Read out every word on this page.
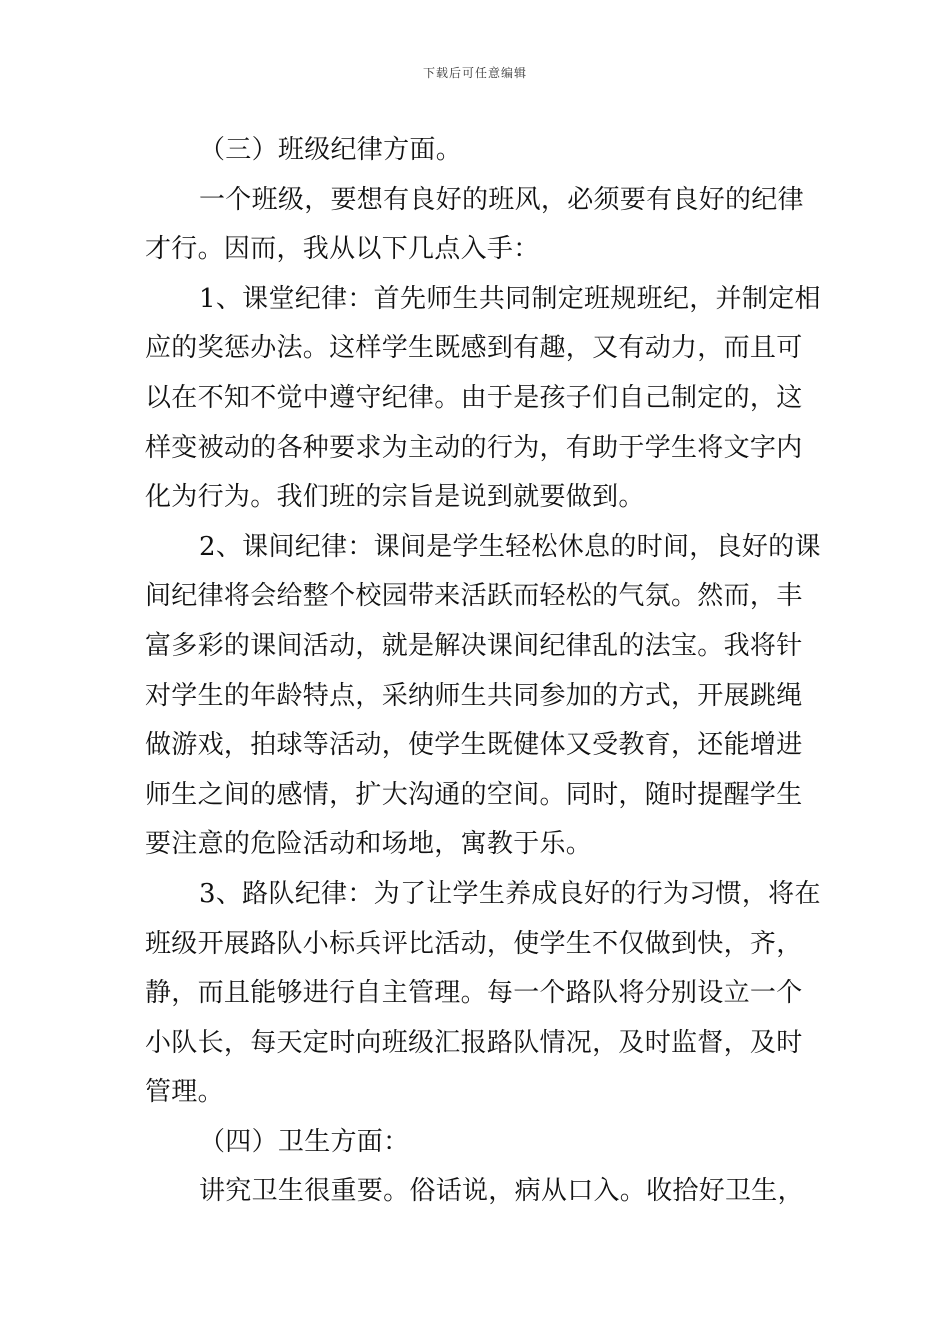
下载后可任意编辑
（三）班级纪律方面。
一个班级，要想有良好的班风，必须要有良好的纪律
才行。因而，我从以下几点入手：
1、课堂纪律：首先师生共同制定班规班纪，并制定相
应的奖惩办法。这样学生既感到有趣，又有动力，而且可
以在不知不觉中遵守纪律。由于是孩子们自己制定的，这
样变被动的各种要求为主动的行为，有助于学生将文字内
化为行为。我们班的宗旨是说到就要做到。
2、课间纪律：课间是学生轻松休息的时间，良好的课
间纪律将会给整个校园带来活跃而轻松的气氛。然而，丰
富多彩的课间活动，就是解决课间纪律乱的法宝。我将针
对学生的年龄特点，采纳师生共同参加的方式，开展跳绳
做游戏，拍球等活动，使学生既健体又受教育，还能增进
师生之间的感情，扩大沟通的空间。同时，随时提醒学生
要注意的危险活动和场地，寓教于乐。
3、路队纪律：为了让学生养成良好的行为习惯，将在
班级开展路队小标兵评比活动，使学生不仅做到快，齐，
静，而且能够进行自主管理。每一个路队将分别设立一个
小队长，每天定时向班级汇报路队情况，及时监督，及时
管理。
（四）卫生方面：
讲究卫生很重要。俗话说，病从口入。收拾好卫生，
